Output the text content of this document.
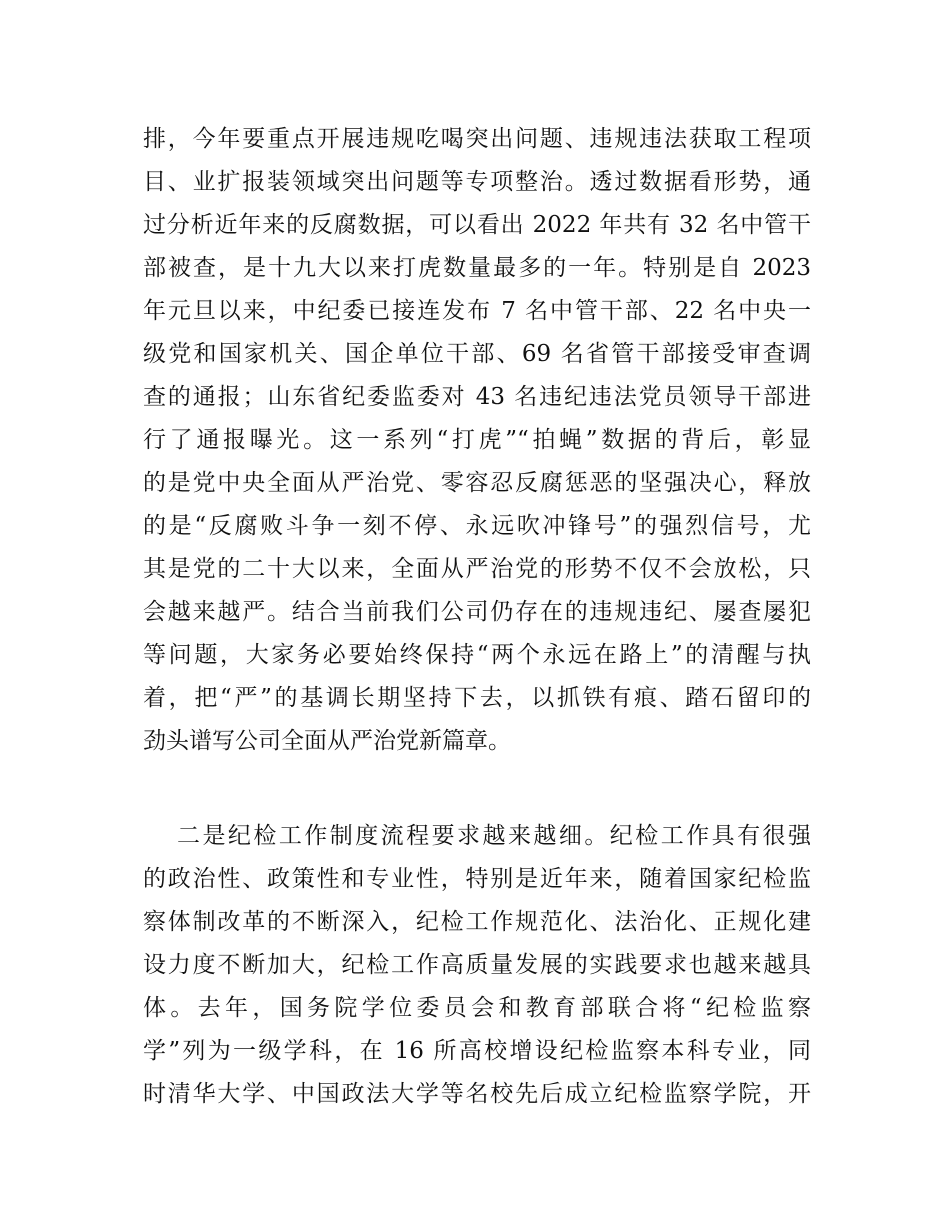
排，今年要重点开展违规吃喝突出问题、违规违法获取工程项
目、业扩报装领域突出问题等专项整治。透过数据看形势，通
过分析近年来的反腐数据，可以看出 2022 年共有 32 名中管干
部被查，是十九大以来打虎数量最多的一年。特别是自 2023
年元旦以来，中纪委已接连发布 7 名中管干部、22 名中央一
级党和国家机关、国企单位干部、69 名省管干部接受审查调
查的通报；山东省纪委监委对 43 名违纪违法党员领导干部进
行了通报曝光。这一系列“打虎”“拍蝇”数据的背后，彰显
的是党中央全面从严治党、零容忍反腐惩恶的坚强决心，释放
的是“反腐败斗争一刻不停、永远吹冲锋号”的强烈信号，尤
其是党的二十大以来，全面从严治党的形势不仅不会放松，只
会越来越严。结合当前我们公司仍存在的违规违纪、屡查屡犯
等问题，大家务必要始终保持“两个永远在路上”的清醒与执
着，把“严”的基调长期坚持下去，以抓铁有痕、踏石留印的
劲头谱写公司全面从严治党新篇章。
二是纪检工作制度流程要求越来越细。纪检工作具有很强
的政治性、政策性和专业性，特别是近年来，随着国家纪检监
察体制改革的不断深入，纪检工作规范化、法治化、正规化建
设力度不断加大，纪检工作高质量发展的实践要求也越来越具
体。去年，国务院学位委员会和教育部联合将“纪检监察
学”列为一级学科，在 16 所高校增设纪检监察本科专业，同
时清华大学、中国政法大学等名校先后成立纪检监察学院，开
